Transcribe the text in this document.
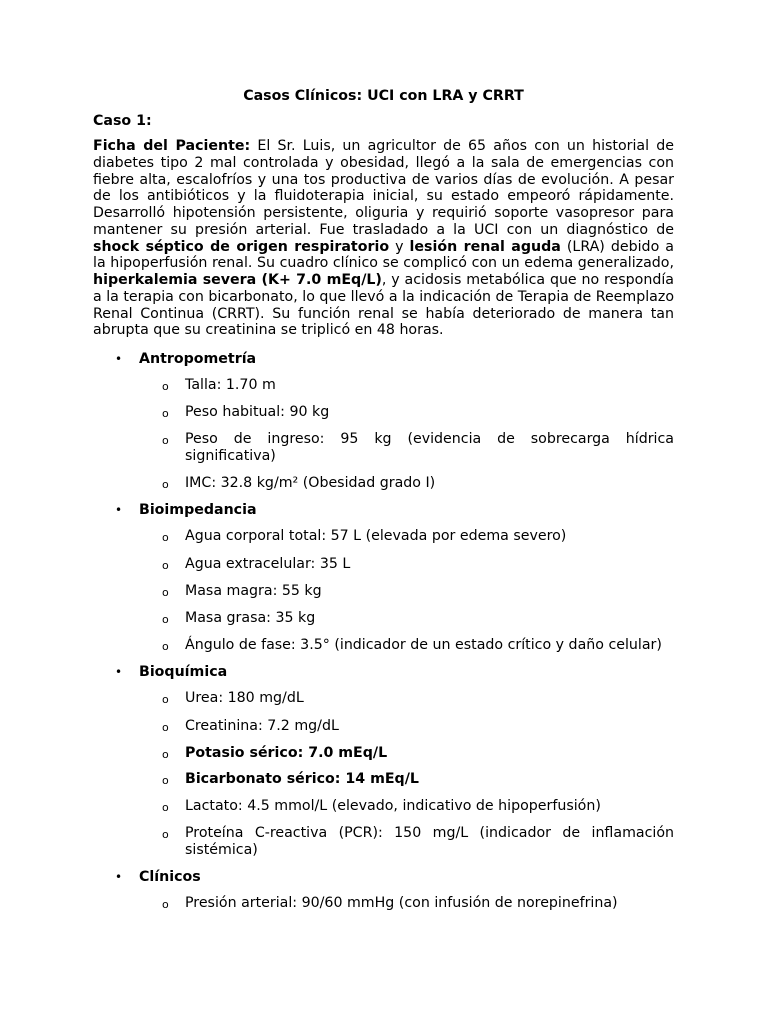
Casos Clínicos: UCI con LRA y CRRT
Caso 1:

Ficha del Paciente: El Sr. Luis, un agricultor de 65 años con un historial de diabetes tipo 2 mal controlada y obesidad, llegó a la sala de emergencias con fiebre alta, escalofríos y una tos productiva de varios días de evolución. A pesar de los antibióticos y la fluidoterapia inicial, su estado empeoró rápidamente. Desarrolló hipotensión persistente, oliguria y requirió soporte vasopresor para mantener su presión arterial. Fue trasladado a la UCI con un diagnóstico de shock séptico de origen respiratorio y lesión renal aguda (LRA) debido a la hipoperfusión renal. Su cuadro clínico se complicó con un edema generalizado, hiperkalemia severa (K+ 7.0 mEq/L), y acidosis metabólica que no respondía a la terapia con bicarbonato, lo que llevó a la indicación de Terapia de Reemplazo Renal Continua (CRRT). Su función renal se había deteriorado de manera tan abrupta que su creatinina se triplicó en 48 horas.

• Antropometría
o Talla: 1.70 m
o Peso habitual: 90 kg
o Peso de ingreso: 95 kg (evidencia de sobrecarga hídrica significativa)
o IMC: 32.8 kg/m² (Obesidad grado I)
• Bioimpedancia
o Agua corporal total: 57 L (elevada por edema severo)
o Agua extracelular: 35 L
o Masa magra: 55 kg
o Masa grasa: 35 kg
o Ángulo de fase: 3.5° (indicador de un estado crítico y daño celular)
• Bioquímica
o Urea: 180 mg/dL
o Creatinina: 7.2 mg/dL
o Potasio sérico: 7.0 mEq/L
o Bicarbonato sérico: 14 mEq/L
o Lactato: 4.5 mmol/L (elevado, indicativo de hipoperfusión)
o Proteína C-reactiva (PCR): 150 mg/L (indicador de inflamación sistémica)
• Clínicos
o Presión arterial: 90/60 mmHg (con infusión de norepinefrina)
